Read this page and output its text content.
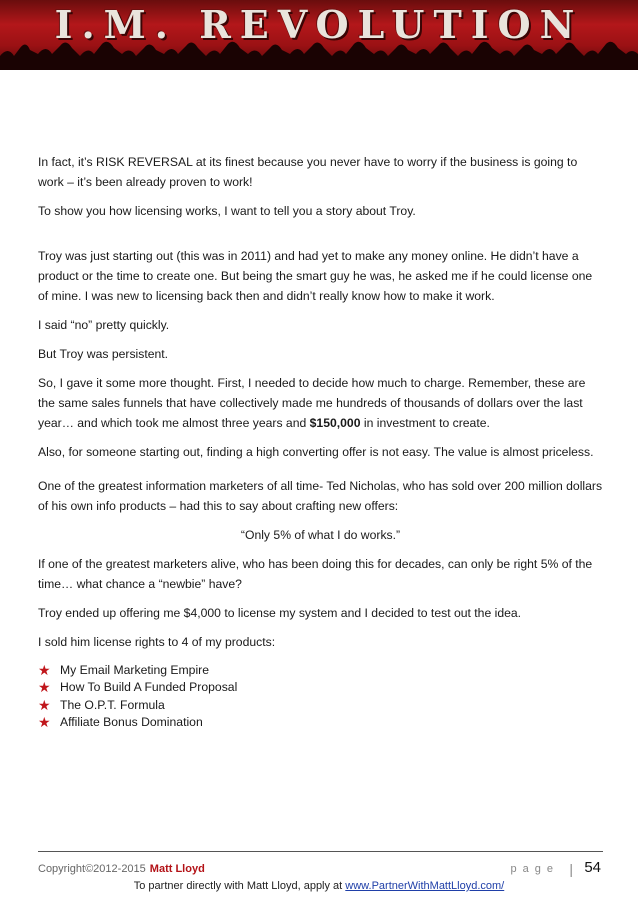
I.M. REVOLUTION

In fact, it’s RISK REVERSAL at its finest because you never have to worry if the business is going to work – it’s been already proven to work!

To show you how licensing works, I want to tell you a story about Troy.

Troy was just starting out (this was in 2011) and had yet to make any money online. He didn’t have a product or the time to create one. But being the smart guy he was, he asked me if he could license one of mine. I was new to licensing back then and didn’t really know how to make it work.

I said “no” pretty quickly.

But Troy was persistent.

So, I gave it some more thought. First, I needed to decide how much to charge. Remember, these are the same sales funnels that have collectively made me hundreds of thousands of dollars over the last year… and which took me almost three years and $150,000 in investment to create.

Also, for someone starting out, finding a high converting offer is not easy. The value is almost priceless.

One of the greatest information marketers of all time- Ted Nicholas, who has sold over 200 million dollars of his own info products – had this to say about crafting new offers:

“Only 5% of what I do works.”

If one of the greatest marketers alive, who has been doing this for decades, can only be right 5% of the time… what chance a “newbie” have?

Troy ended up offering me $4,000 to license my system and I decided to test out the idea.

I sold him license rights to 4 of my products:

★ My Email Marketing Empire
★ How To Build A Funded Proposal
★ The O.P.T. Formula
★ Affiliate Bonus Domination
Copyright©2012-2015 Matt Lloyd	page | 54
To partner directly with Matt Lloyd, apply at www.PartnerWithMattLloyd.com/
